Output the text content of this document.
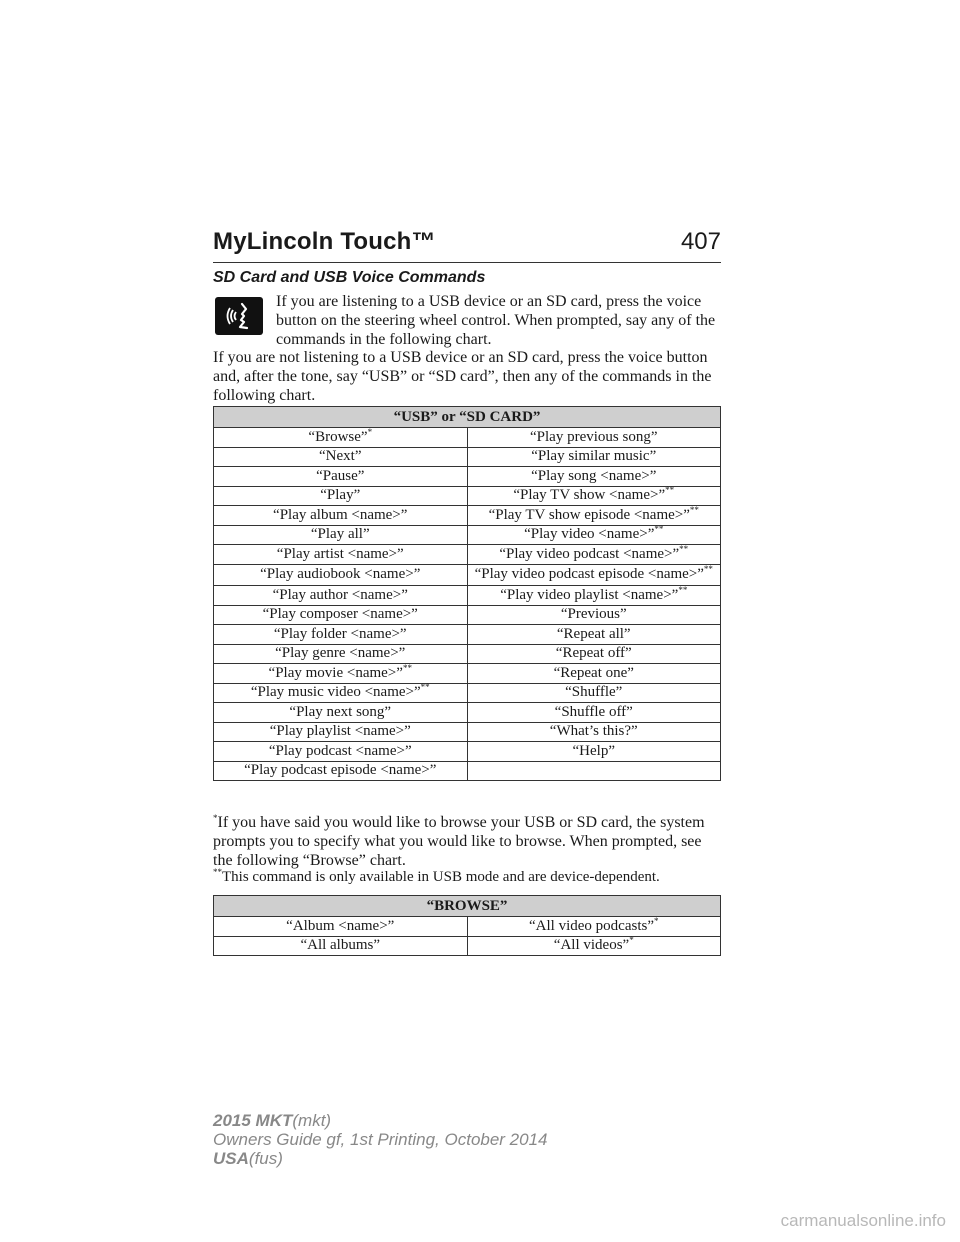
MyLincoln Touch™	407
SD Card and USB Voice Commands
If you are listening to a USB device or an SD card, press the voice button on the steering wheel control. When prompted, say any of the commands in the following chart.
If you are not listening to a USB device or an SD card, press the voice button and, after the tone, say “USB” or “SD card”, then any of the commands in the following chart.
“USB” or “SD CARD”	
“Browse”*	“Play previous song”
“Next”	“Play similar music”
“Pause”	“Play song <name>”
“Play”	“Play TV show <name>”**
“Play album <name>”	“Play TV show episode <name>”**
“Play all”	“Play video <name>”**
“Play artist <name>”	“Play video podcast <name>”**
“Play audiobook <name>”	“Play video podcast episode <name>”**
“Play author <name>”	“Play video playlist <name>”**
“Play composer <name>”	“Previous”
“Play folder <name>”	“Repeat all”
“Play genre <name>”	“Repeat off”
“Play movie <name>”**	“Repeat one”
“Play music video <name>”**	“Shuffle”
“Play next song”	“Shuffle off”
“Play playlist <name>”	“What’s this?”
“Play podcast <name>”	“Help”
“Play podcast episode <name>”	
*If you have said you would like to browse your USB or SD card, the system prompts you to specify what you would like to browse. When prompted, see the following “Browse” chart.
**This command is only available in USB mode and are device-dependent.
“BROWSE”	
“Album <name>”	“All video podcasts”*
“All albums”	“All videos”*
2015 MKT(mkt)
Owners Guide gf, 1st Printing, October 2014
USA(fus)
carmanualsonline.info
